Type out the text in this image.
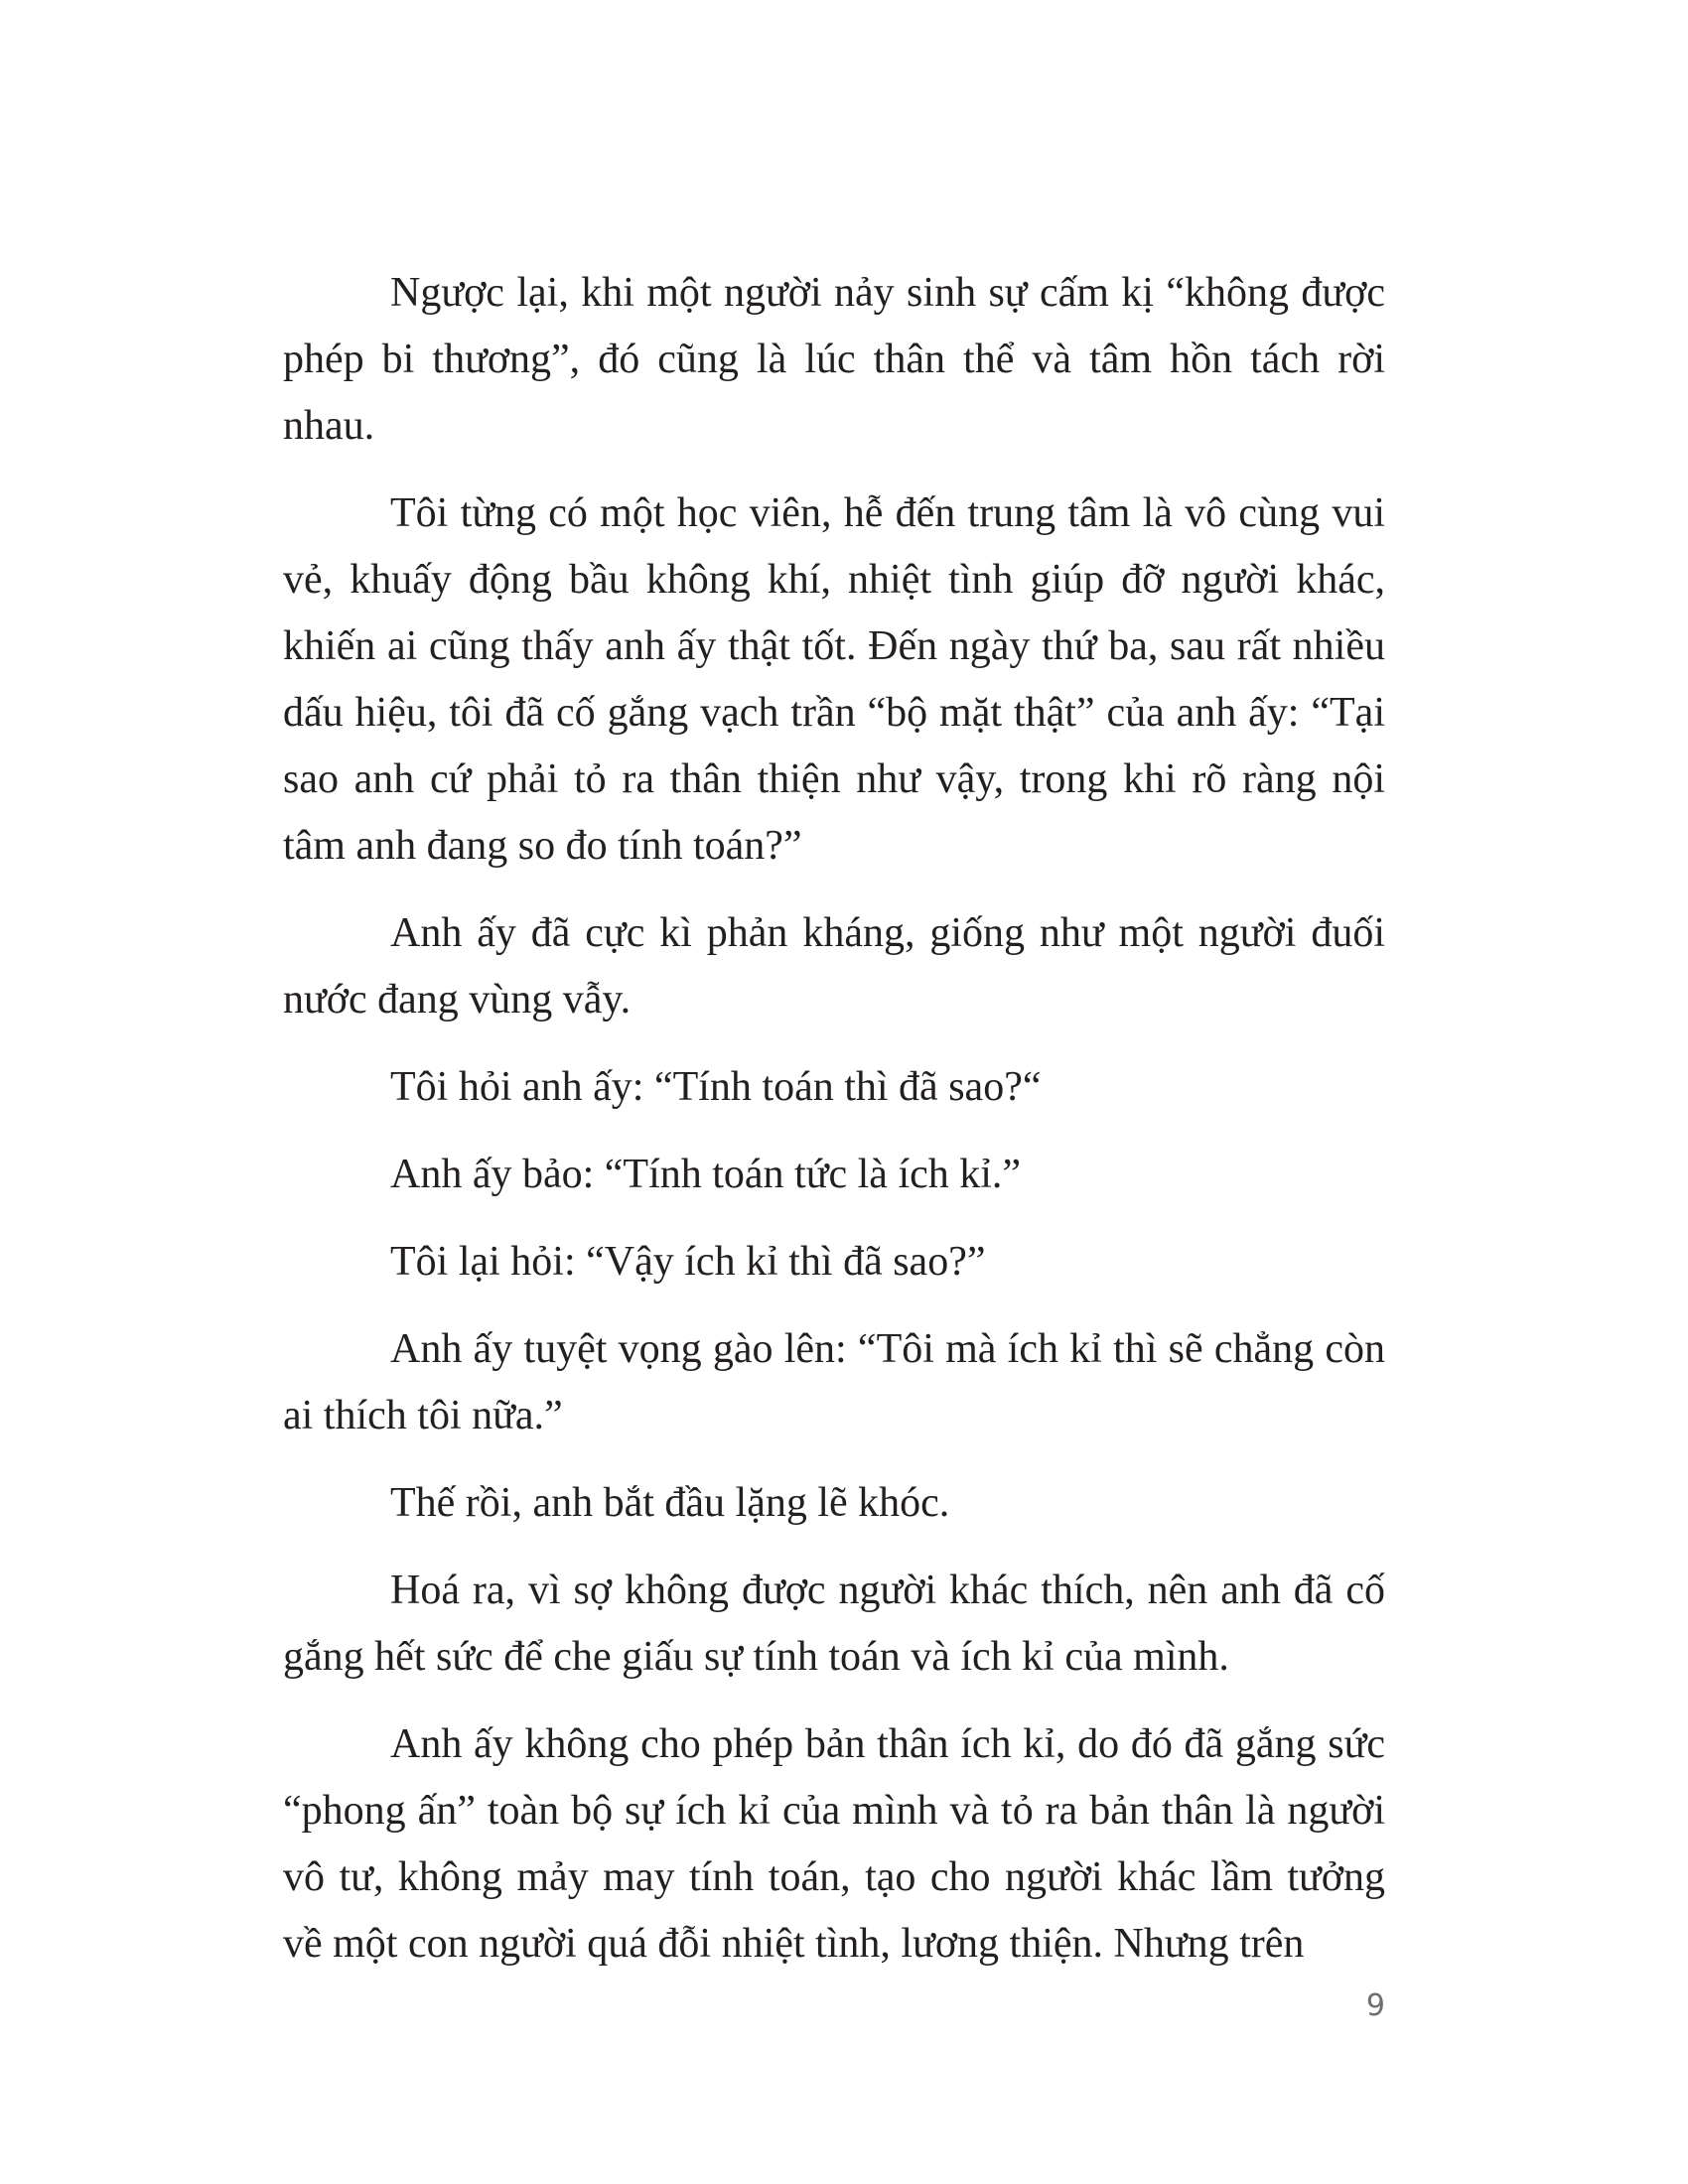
Ngược lại, khi một người nảy sinh sự cấm kị “không được phép bi thương”, đó cũng là lúc thân thể và tâm hồn tách rời nhau.

Tôi từng có một học viên, hễ đến trung tâm là vô cùng vui vẻ, khuấy động bầu không khí, nhiệt tình giúp đỡ người khác, khiến ai cũng thấy anh ấy thật tốt. Đến ngày thứ ba, sau rất nhiều dấu hiệu, tôi đã cố gắng vạch trần “bộ mặt thật” của anh ấy: “Tại sao anh cứ phải tỏ ra thân thiện như vậy, trong khi rõ ràng nội tâm anh đang so đo tính toán?”

Anh ấy đã cực kì phản kháng, giống như một người đuối nước đang vùng vẫy.

Tôi hỏi anh ấy: “Tính toán thì đã sao?“

Anh ấy bảo: “Tính toán tức là ích kỉ.”

Tôi lại hỏi: “Vậy ích kỉ thì đã sao?”

Anh ấy tuyệt vọng gào lên: “Tôi mà ích kỉ thì sẽ chẳng còn ai thích tôi nữa.”

Thế rồi, anh bắt đầu lặng lẽ khóc.

Hoá ra, vì sợ không được người khác thích, nên anh đã cố gắng hết sức để che giấu sự tính toán và ích kỉ của mình.

Anh ấy không cho phép bản thân ích kỉ, do đó đã gắng sức “phong ấn” toàn bộ sự ích kỉ của mình và tỏ ra bản thân là người vô tư, không mảy may tính toán, tạo cho người khác lầm tưởng về một con người quá đỗi nhiệt tình, lương thiện. Nhưng trên

9
